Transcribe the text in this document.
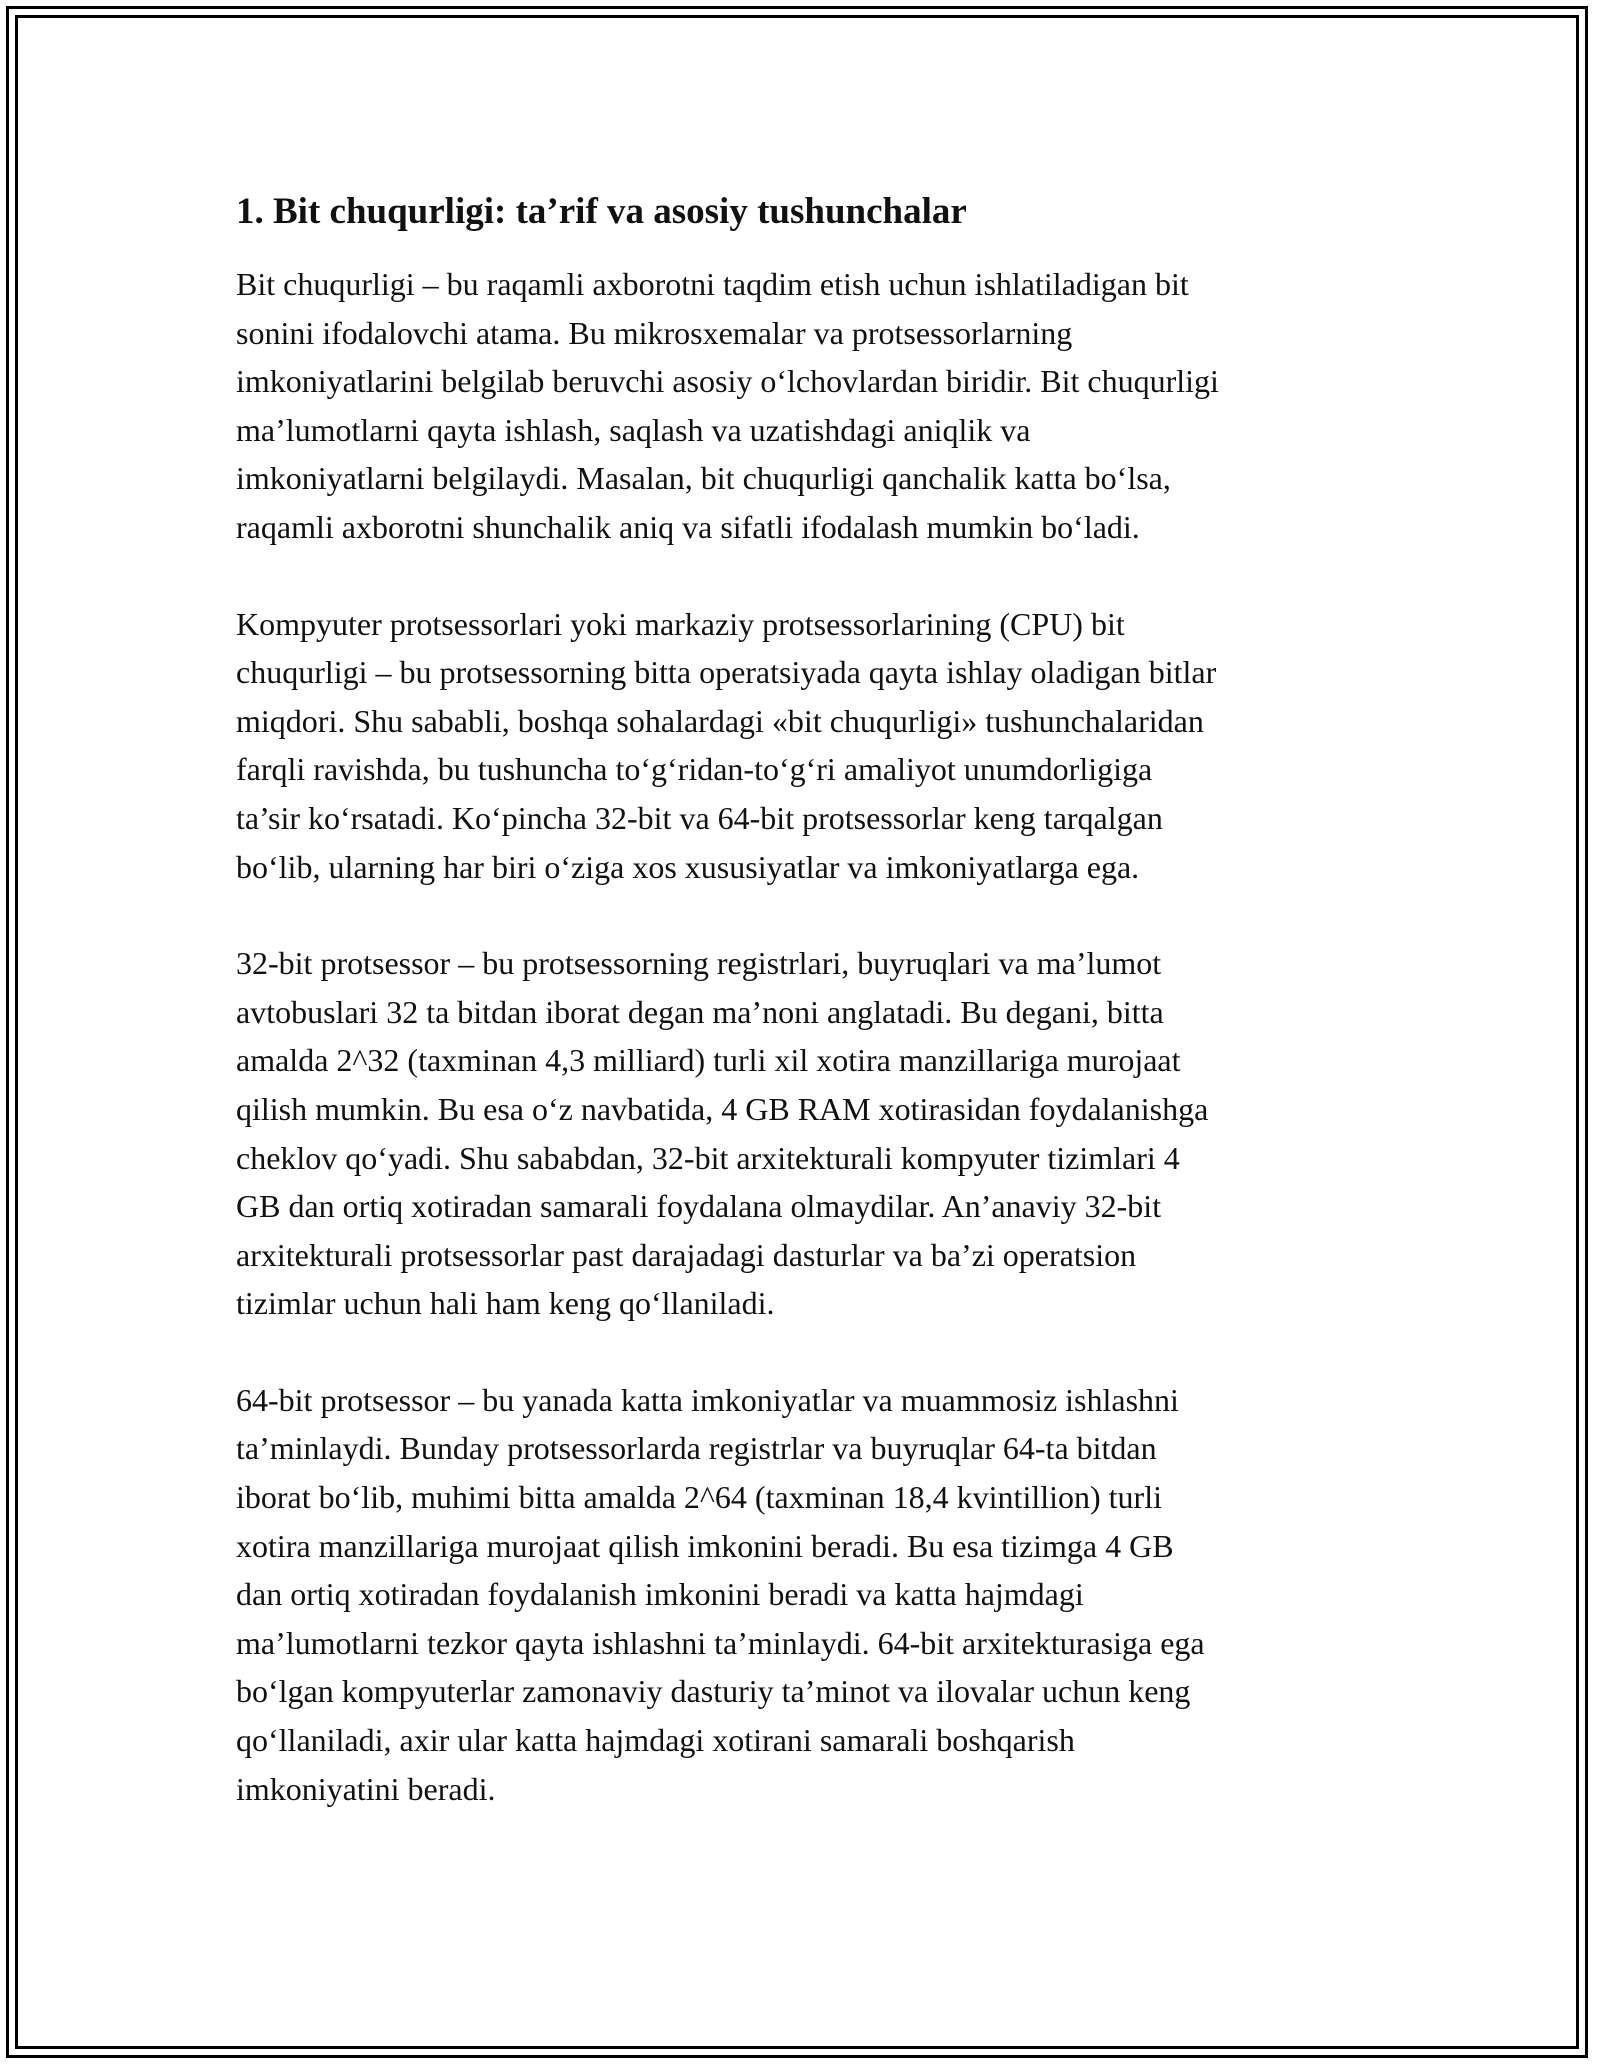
1. Bit chuqurligi: ta’rif va asosiy tushunchalar

Bit chuqurligi – bu raqamli axborotni taqdim etish uchun ishlatiladigan bit
sonini ifodalovchi atama. Bu mikrosxemalar va protsessorlarning
imkoniyatlarini belgilab beruvchi asosiy o‘lchovlardan biridir. Bit chuqurligi
ma’lumotlarni qayta ishlash, saqlash va uzatishdagi aniqlik va
imkoniyatlarni belgilaydi. Masalan, bit chuqurligi qanchalik katta bo‘lsa,
raqamli axborotni shunchalik aniq va sifatli ifodalash mumkin bo‘ladi.

Kompyuter protsessorlari yoki markaziy protsessorlarining (CPU) bit
chuqurligi – bu protsessorning bitta operatsiyada qayta ishlay oladigan bitlar
miqdori. Shu sababli, boshqa sohalardagi «bit chuqurligi» tushunchalaridan
farqli ravishda, bu tushuncha to‘g‘ridan-to‘g‘ri amaliyot unumdorligiga
ta’sir ko‘rsatadi. Ko‘pincha 32-bit va 64-bit protsessorlar keng tarqalgan
bo‘lib, ularning har biri o‘ziga xos xususiyatlar va imkoniyatlarga ega.

32-bit protsessor – bu protsessorning registrlari, buyruqlari va ma’lumot
avtobuslari 32 ta bitdan iborat degan ma’noni anglatadi. Bu degani, bitta
amalda 2^32 (taxminan 4,3 milliard) turli xil xotira manzillariga murojaat
qilish mumkin. Bu esa o‘z navbatida, 4 GB RAM xotirasidan foydalanishga
cheklov qo‘yadi. Shu sababdan, 32-bit arxitekturali kompyuter tizimlari 4
GB dan ortiq xotiradan samarali foydalana olmaydilar. An’anaviy 32-bit
arxitekturali protsessorlar past darajadagi dasturlar va ba’zi operatsion
tizimlar uchun hali ham keng qo‘llaniladi.

64-bit protsessor – bu yanada katta imkoniyatlar va muammosiz ishlashni
ta’minlaydi. Bunday protsessorlarda registrlar va buyruqlar 64-ta bitdan
iborat bo‘lib, muhimi bitta amalda 2^64 (taxminan 18,4 kvintillion) turli
xotira manzillariga murojaat qilish imkonini beradi. Bu esa tizimga 4 GB
dan ortiq xotiradan foydalanish imkonini beradi va katta hajmdagi
ma’lumotlarni tezkor qayta ishlashni ta’minlaydi. 64-bit arxitekturasiga ega
bo‘lgan kompyuterlar zamonaviy dasturiy ta’minot va ilovalar uchun keng
qo‘llaniladi, axir ular katta hajmdagi xotirani samarali boshqarish
imkoniyatini beradi.
